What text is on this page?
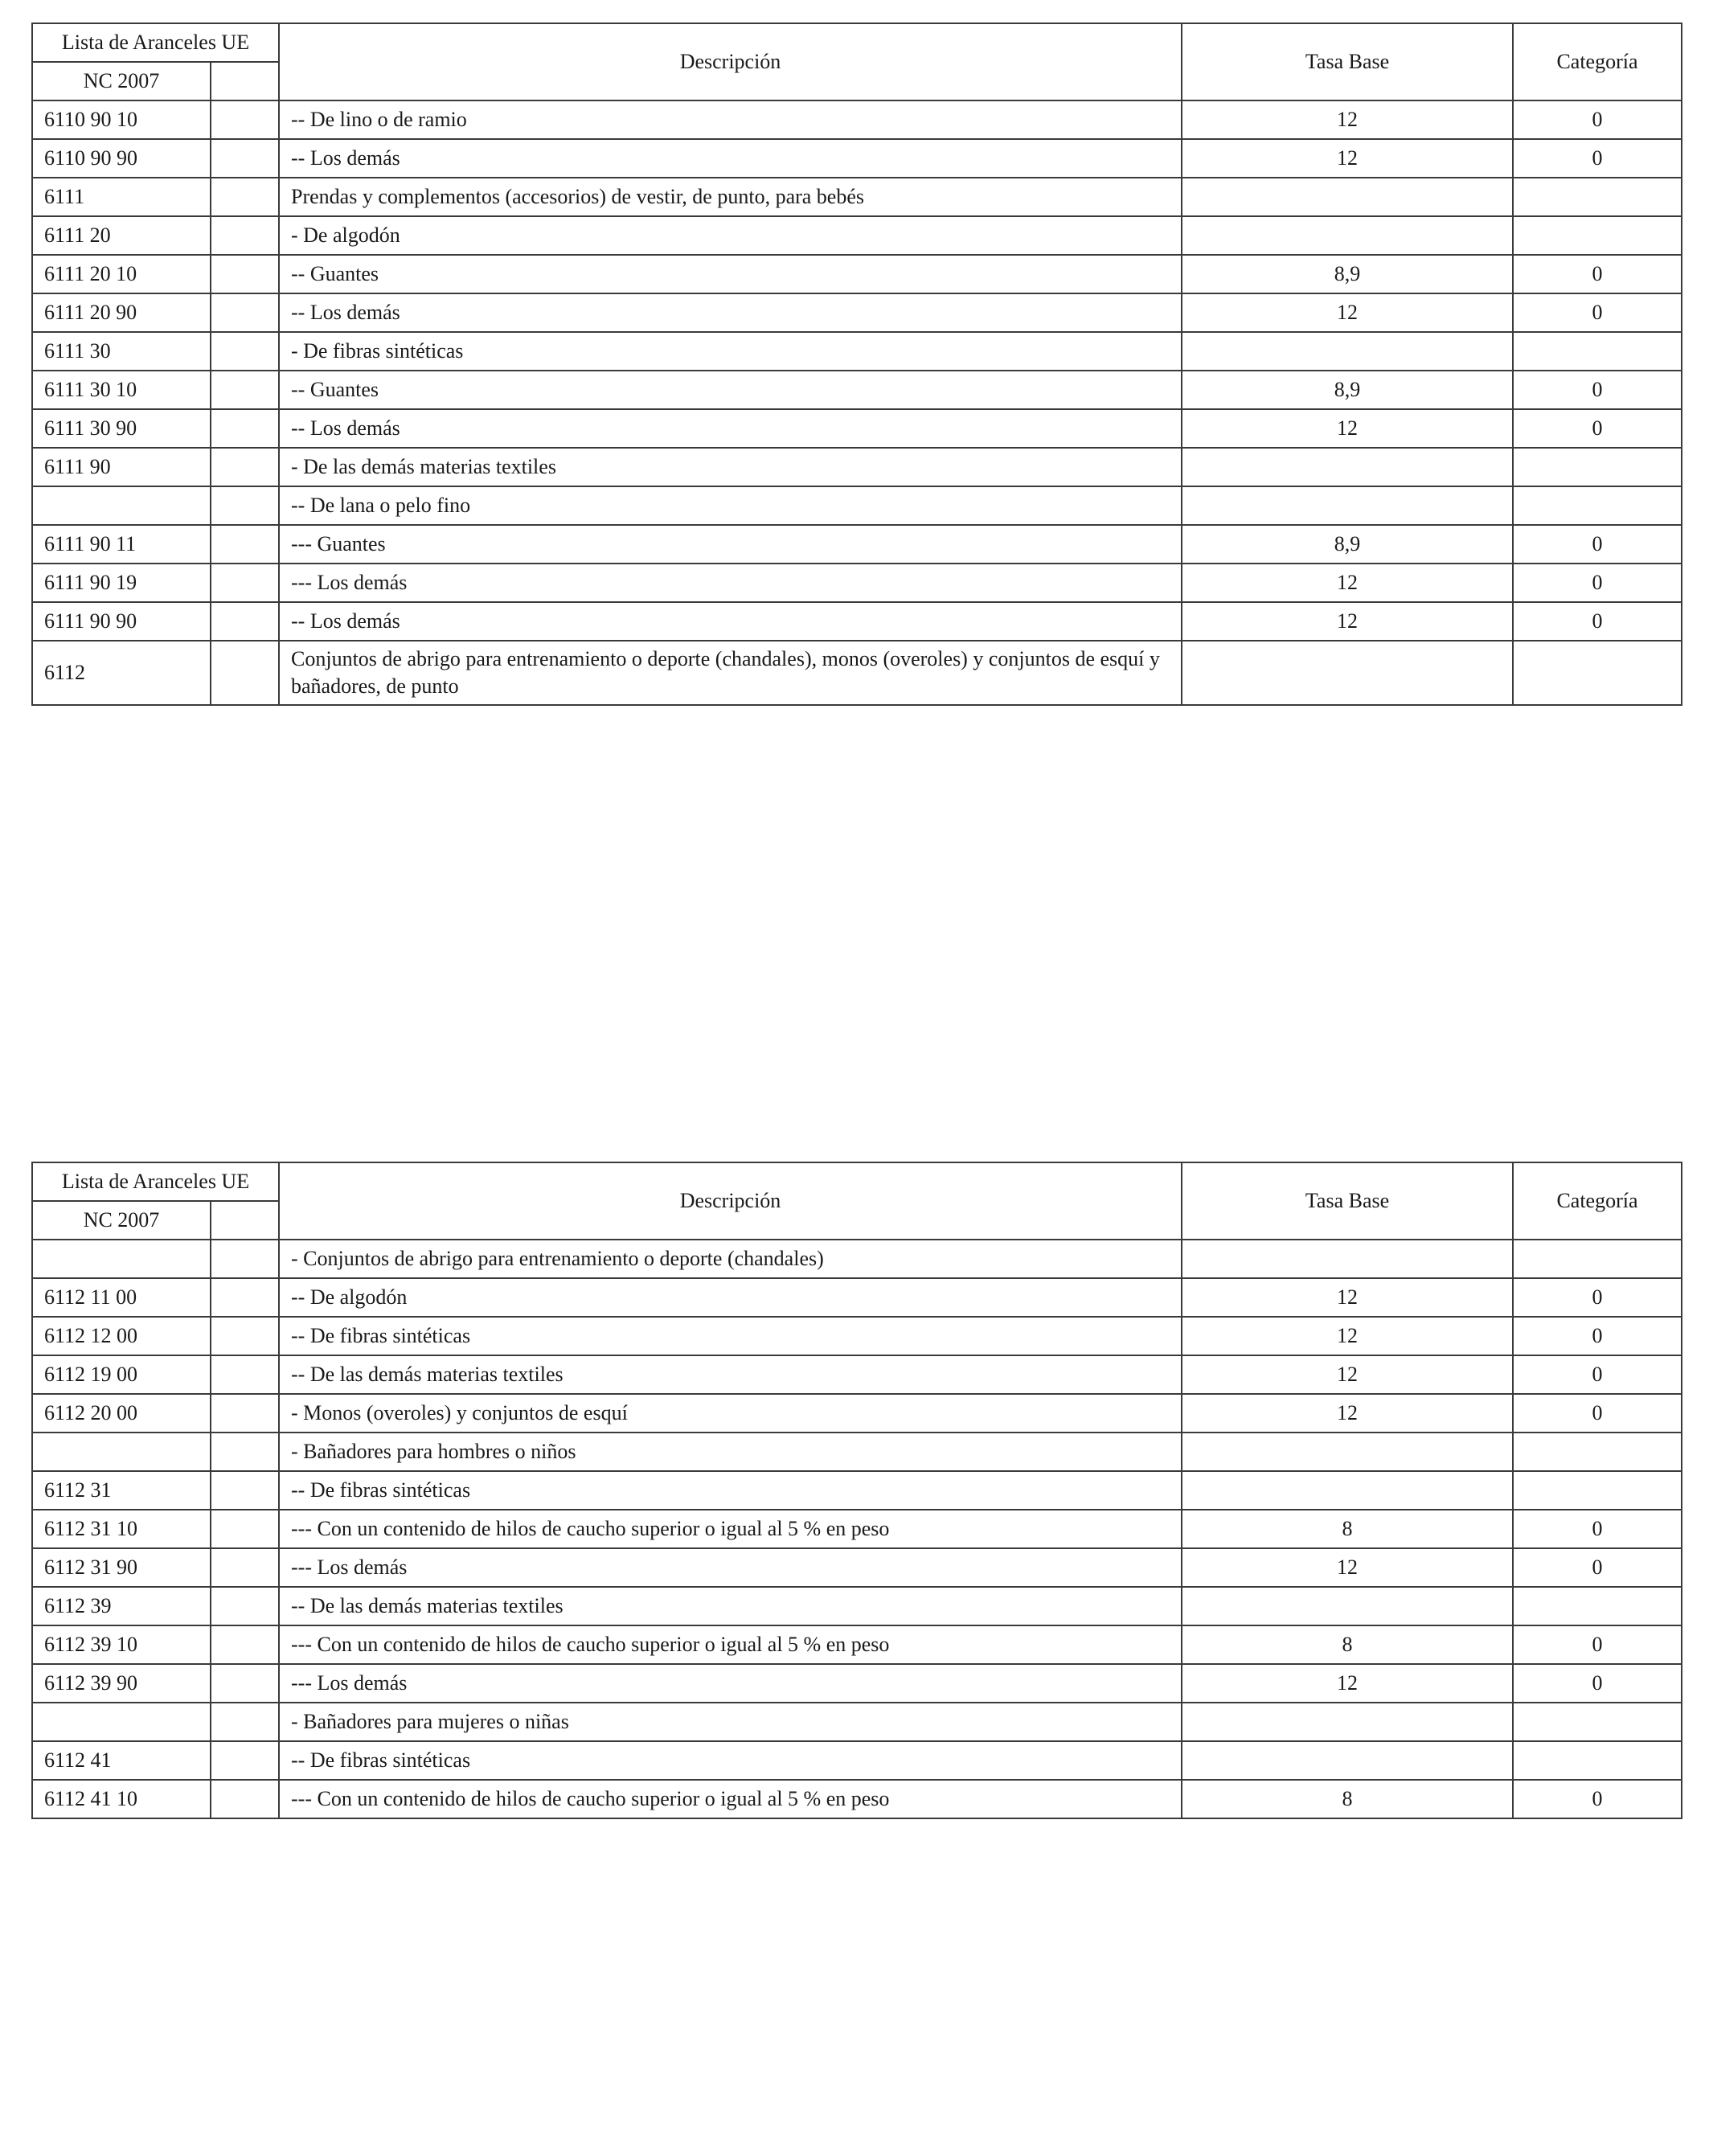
Lista de Aranceles UE		Descripción	Tasa Base	Categoría
NC 2007				
6110 90 10		-- De lino o de ramio	12	0
6110 90 90		-- Los demás	12	0
6111		Prendas y complementos (accesorios) de vestir, de punto, para bebés		
6111 20		- De algodón		
6111 20 10		-- Guantes	8,9	0
6111 20 90		-- Los demás	12	0
6111 30		- De fibras sintéticas		
6111 30 10		-- Guantes	8,9	0
6111 30 90		-- Los demás	12	0
6111 90		- De las demás materias textiles		
		-- De lana o pelo fino		
6111 90 11		--- Guantes	8,9	0
6111 90 19		--- Los demás	12	0
6111 90 90		-- Los demás	12	0
6112		Conjuntos de abrigo para entrenamiento o deporte (chandales), monos (overoles) y conjuntos de esquí y bañadores, de punto		
Lista de Aranceles UE		Descripción	Tasa Base	Categoría
NC 2007				
		- Conjuntos de abrigo para entrenamiento o deporte (chandales)		
6112 11 00		-- De algodón	12	0
6112 12 00		-- De fibras sintéticas	12	0
6112 19 00		-- De las demás materias textiles	12	0
6112 20 00		- Monos (overoles) y conjuntos de esquí	12	0
		- Bañadores para hombres o niños		
6112 31		-- De fibras sintéticas		
6112 31 10		--- Con un contenido de hilos de caucho superior o igual al 5 % en peso	8	0
6112 31 90		--- Los demás	12	0
6112 39		-- De las demás materias textiles		
6112 39 10		--- Con un contenido de hilos de caucho superior o igual al 5 % en peso	8	0
6112 39 90		--- Los demás	12	0
		- Bañadores para mujeres o niñas		
6112 41		-- De fibras sintéticas		
6112 41 10		--- Con un contenido de hilos de caucho superior o igual al 5 % en peso	8	0
